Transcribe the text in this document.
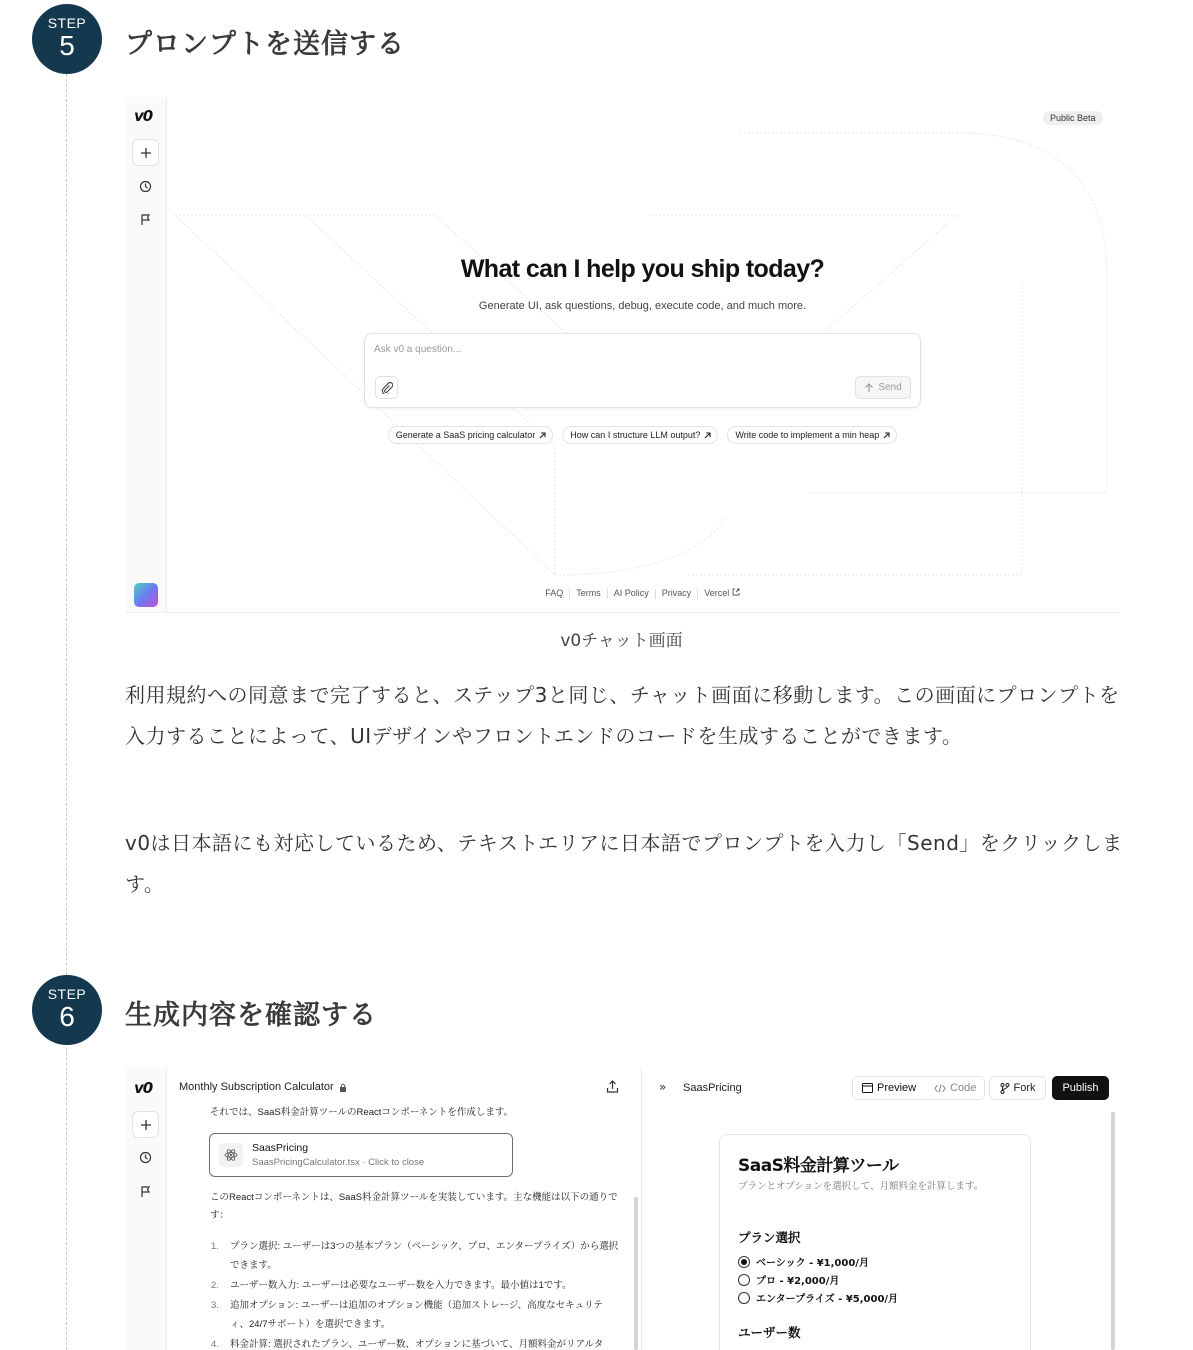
STEP
5	プロンプトを送信する
v0	Public Beta
What can I help you ship today?
Generate UI, ask questions, debug, execute code, and much more.
Ask v0 a question...
Send
Generate a SaaS pricing calculator	How can I structure LLM output?	Write code to implement a min heap
FAQ Terms AI Policy Privacy Vercel
v0チャット画面
利用規約への同意まで完了すると、ステップ3と同じ、チャット画面に移動します。この画面にプロンプトを入力することによって、UIデザインやフロントエンドのコードを生成することができます。
v0は日本語にも対応しているため、テキストエリアに日本語でプロンプトを入力し「Send」をクリックします。
STEP
6	生成内容を確認する
v0 Monthly Subscription Calculator
それでは、SaaS料金計算ツールのReactコンポーネントを作成します。
SaasPricing
SaasPricingCalculator.tsx · Click to close
このReactコンポーネントは、SaaS料金計算ツールを実装しています。主な機能は以下の通りです：
1. プラン選択: ユーザーは3つの基本プラン（ベーシック、プロ、エンタープライズ）から選択できます。
2. ユーザー数入力: ユーザーは必要なユーザー数を入力できます。最小値は1です。
3. 追加オプション: ユーザーは追加のオプション機能（追加ストレージ、高度なセキュリティ、24/7サポート）を選択できます。
4. 料金計算: 選択されたプラン、ユーザー数、オプションに基づいて、月額料金がリアルタ
» SaasPricing	Preview	Code	Fork	Publish
SaaS料金計算ツール
プランとオプションを選択して、月額料金を計算します。
プラン選択
ベーシック - ¥1,000/月
プロ - ¥2,000/月
エンタープライズ - ¥5,000/月
ユーザー数
